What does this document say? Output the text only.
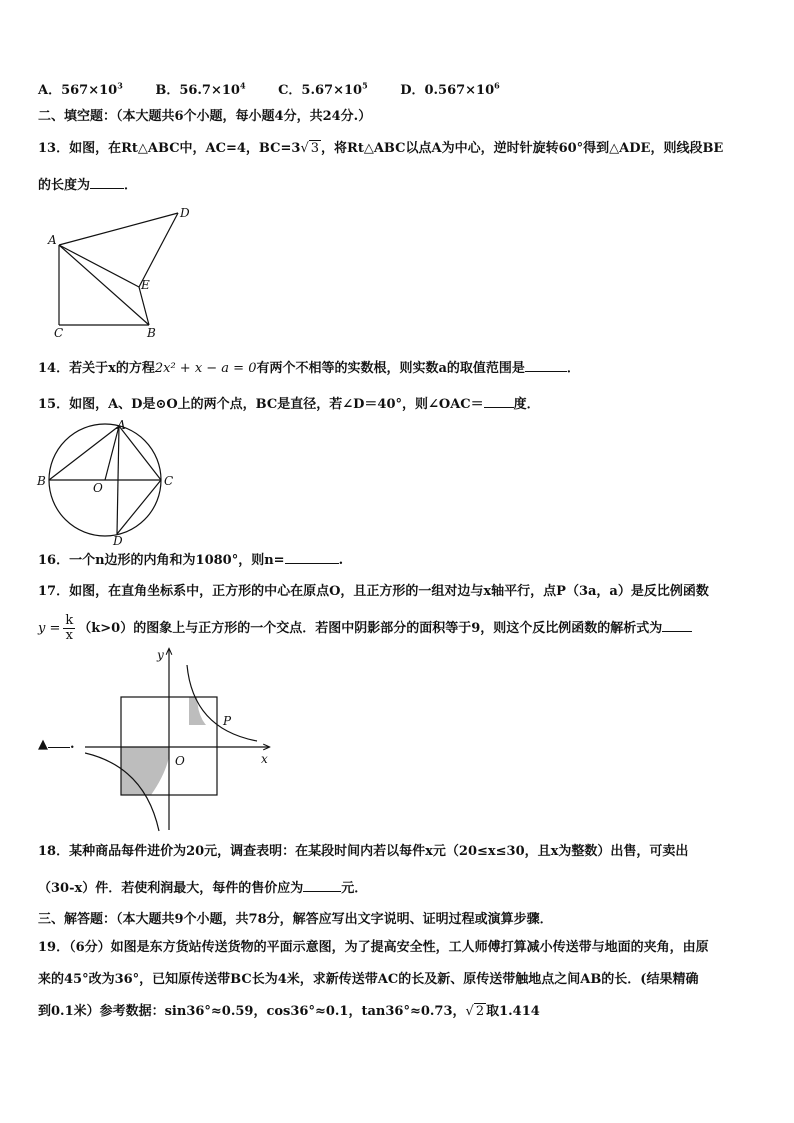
A．$567\times 10^3$	B．$56.7\times 10^4$	C．$5.67\times 10^5$	D．$0.567\times 10^6$
二、填空题：（本大题共6个小题，每小题4分，共24分.）
13．如图，在Rt△ABC中，AC=4，BC=3√ 3 ，将Rt△ABC以点A为中心，逆时针旋转60°得到△ADE，则线段BE
的长度为	．
A
D
E
C	B
14．若关于x的方程2x² + x − a = 0有两个不相等的实数根，则实数a的取值范围是	．
15．如图，A、D是⊙O上的两个点，BC是直径，若∠D＝40°，则∠OAC＝ 度．
A
B	C
O
D
16．一个n边形的内角和为1080°，则n=	.
17．如图，在直角坐标系中，正方形的中心在原点O，且正方形的一组对边与x轴平行，点P（3a，a）是反比例函数
$y = \frac{k}{x} (k>0)$的图象上与正方形的一个交点．若图中阴影部分的面积等于9，则这个反比例函数的解析式为
▲ .
y
x
O
P
18．某种商品每件进价为20元，调查表明：在某段时间内若以每件x元（20≤x≤30，且x为整数）出售，可卖出
（30-x）件．若使利润最大，每件的售价应为	元．
三、解答题：（本大题共9个小题，共78分，解答应写出文字说明、证明过程或演算步骤．
19．（6分）如图是东方货站传送货物的平面示意图，为了提高安全性，工人师傅打算减小传送带与地面的夹角，由原
来的45°改为36°，已知原传送带BC长为4米，求新传送带AC的长及新、原传送带触地点之间AB的长．(结果精确
到0.1米）参考数据：sin36°≈0.59，cos36°≈0.1，tan36°≈0.73，√ 2 取1.414
